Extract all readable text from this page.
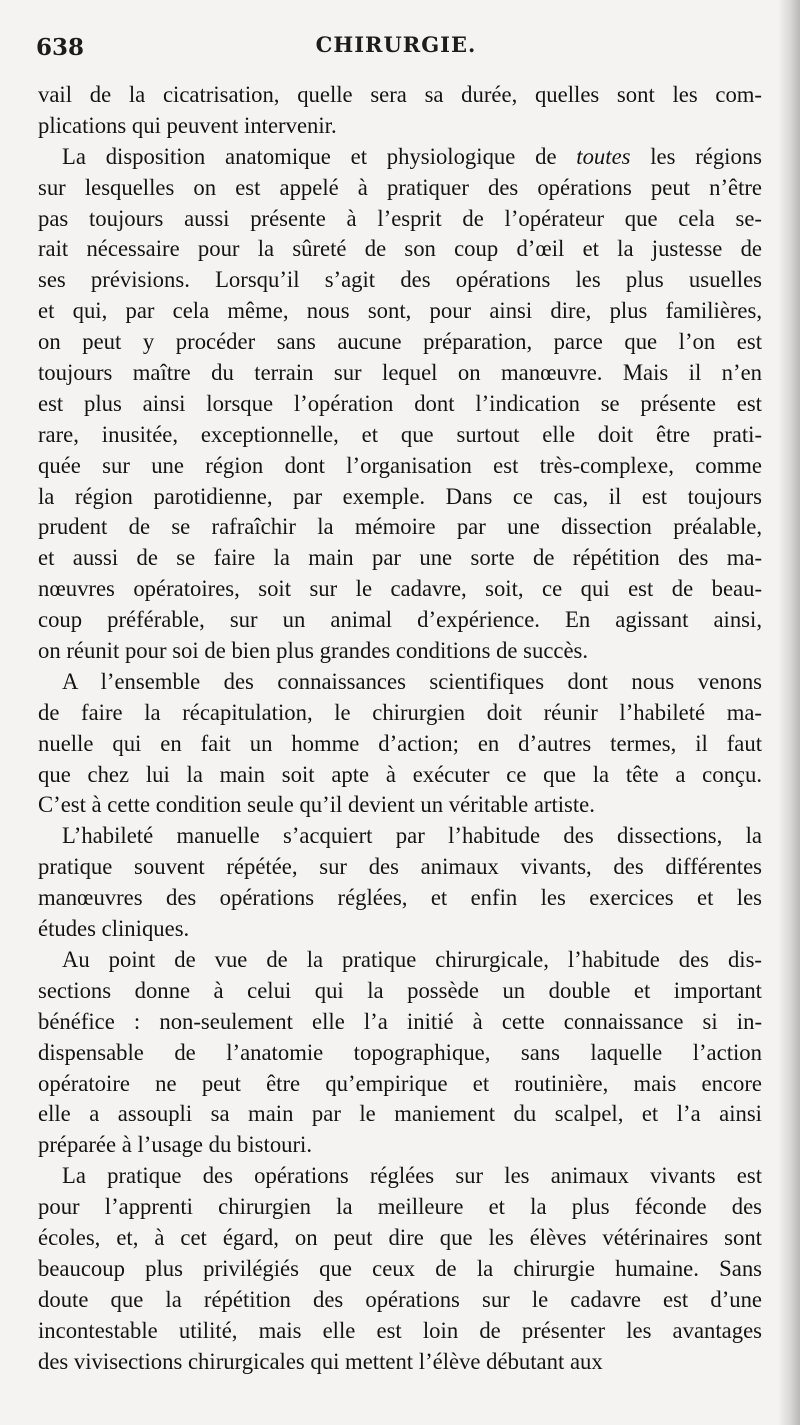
638	CHIRURGIE.
vail de la cicatrisation, quelle sera sa durée, quelles sont les com-
plications qui peuvent intervenir.
La disposition anatomique et physiologique de toutes les régions
sur lesquelles on est appelé à pratiquer des opérations peut n’être
pas toujours aussi présente à l’esprit de l’opérateur que cela se-
rait nécessaire pour la sûreté de son coup d’œil et la justesse de
ses prévisions. Lorsqu’il s’agit des opérations les plus usuelles
et qui, par cela même, nous sont, pour ainsi dire, plus familières,
on peut y procéder sans aucune préparation, parce que l’on est
toujours maître du terrain sur lequel on manœuvre. Mais il n’en
est plus ainsi lorsque l’opération dont l’indication se présente est
rare, inusitée, exceptionnelle, et que surtout elle doit être prati-
quée sur une région dont l’organisation est très-complexe, comme
la région parotidienne, par exemple. Dans ce cas, il est toujours
prudent de se rafraîchir la mémoire par une dissection préalable,
et aussi de se faire la main par une sorte de répétition des ma-
nœuvres opératoires, soit sur le cadavre, soit, ce qui est de beau-
coup préférable, sur un animal d’expérience. En agissant ainsi,
on réunit pour soi de bien plus grandes conditions de succès.
A l’ensemble des connaissances scientifiques dont nous venons
de faire la récapitulation, le chirurgien doit réunir l’habileté ma-
nuelle qui en fait un homme d’action; en d’autres termes, il faut
que chez lui la main soit apte à exécuter ce que la tête a conçu.
C’est à cette condition seule qu’il devient un véritable artiste.
L’habileté manuelle s’acquiert par l’habitude des dissections, la
pratique souvent répétée, sur des animaux vivants, des différentes
manœuvres des opérations réglées, et enfin les exercices et les
études cliniques.
Au point de vue de la pratique chirurgicale, l’habitude des dis-
sections donne à celui qui la possède un double et important
bénéfice : non-seulement elle l’a initié à cette connaissance si in-
dispensable de l’anatomie topographique, sans laquelle l’action
opératoire ne peut être qu’empirique et routinière, mais encore
elle a assoupli sa main par le maniement du scalpel, et l’a ainsi
préparée à l’usage du bistouri.
La pratique des opérations réglées sur les animaux vivants est
pour l’apprenti chirurgien la meilleure et la plus féconde des
écoles, et, à cet égard, on peut dire que les élèves vétérinaires sont
beaucoup plus privilégiés que ceux de la chirurgie humaine. Sans
doute que la répétition des opérations sur le cadavre est d’une
incontestable utilité, mais elle est loin de présenter les avantages
des vivisections chirurgicales qui mettent l’élève débutant aux
